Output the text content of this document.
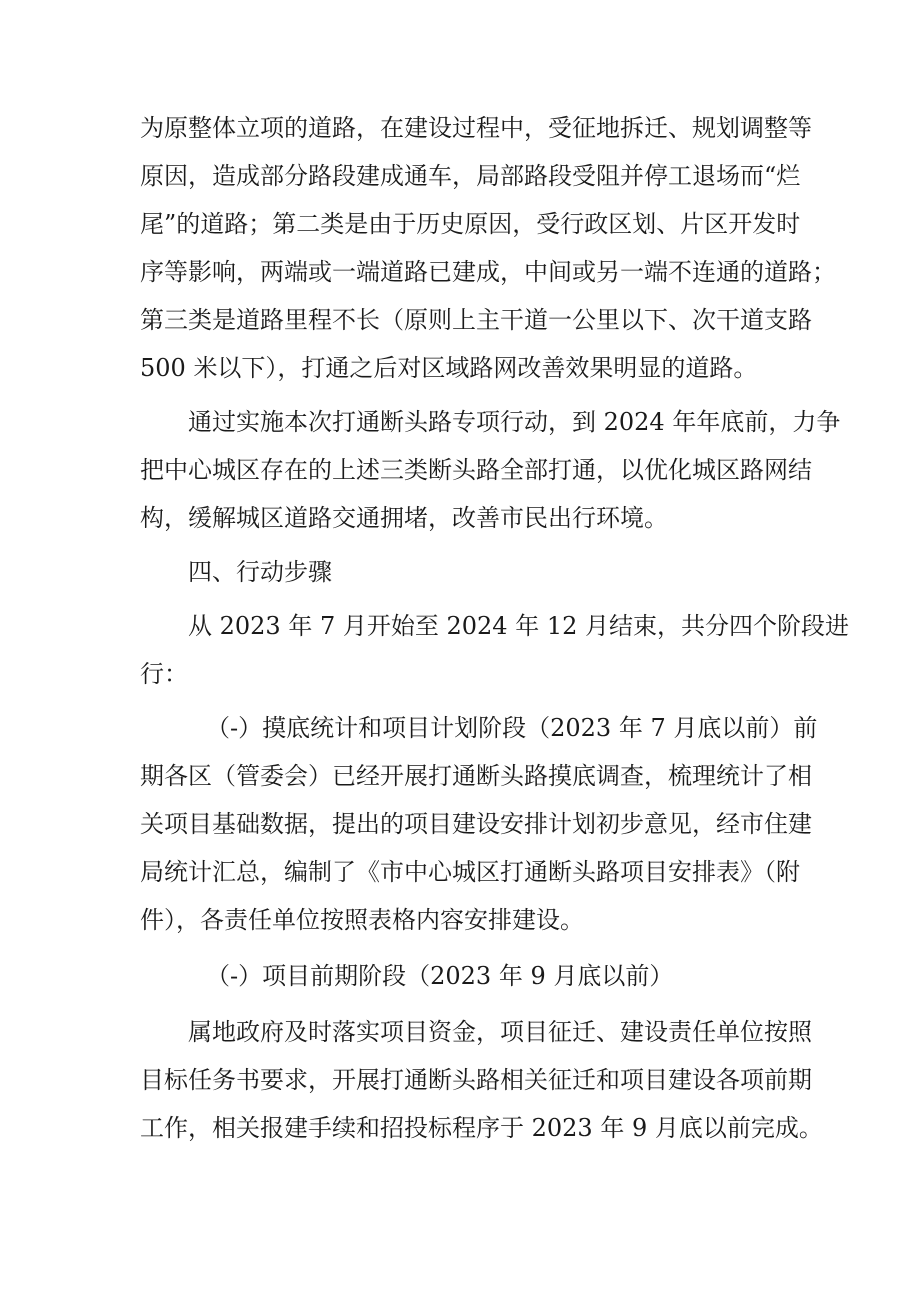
为原整体立项的道路，在建设过程中，受征地拆迁、规划调整等
原因，造成部分路段建成通车，局部路段受阻并停工退场而“烂
尾”的道路；第二类是由于历史原因，受行政区划、片区开发时
序等影响，两端或一端道路已建成，中间或另一端不连通的道路；
第三类是道路里程不长（原则上主干道一公里以下、次干道支路
500 米以下），打通之后对区域路网改善效果明显的道路。
通过实施本次打通断头路专项行动，到 2024 年年底前，力争
把中心城区存在的上述三类断头路全部打通，以优化城区路网结
构，缓解城区道路交通拥堵，改善市民出行环境。
四、行动步骤
从 2023 年 7 月开始至 2024 年 12 月结束，共分四个阶段进
行：
（-）摸底统计和项目计划阶段（2023 年 7 月底以前）前
期各区（管委会）已经开展打通断头路摸底调查，梳理统计了相
关项目基础数据，提出的项目建设安排计划初步意见，经市住建
局统计汇总，编制了《市中心城区打通断头路项目安排表》（附
件），各责任单位按照表格内容安排建设。
（-）项目前期阶段（2023 年 9 月底以前）
属地政府及时落实项目资金，项目征迁、建设责任单位按照
目标任务书要求，开展打通断头路相关征迁和项目建设各项前期
工作，相关报建手续和招投标程序于 2023 年 9 月底以前完成。
